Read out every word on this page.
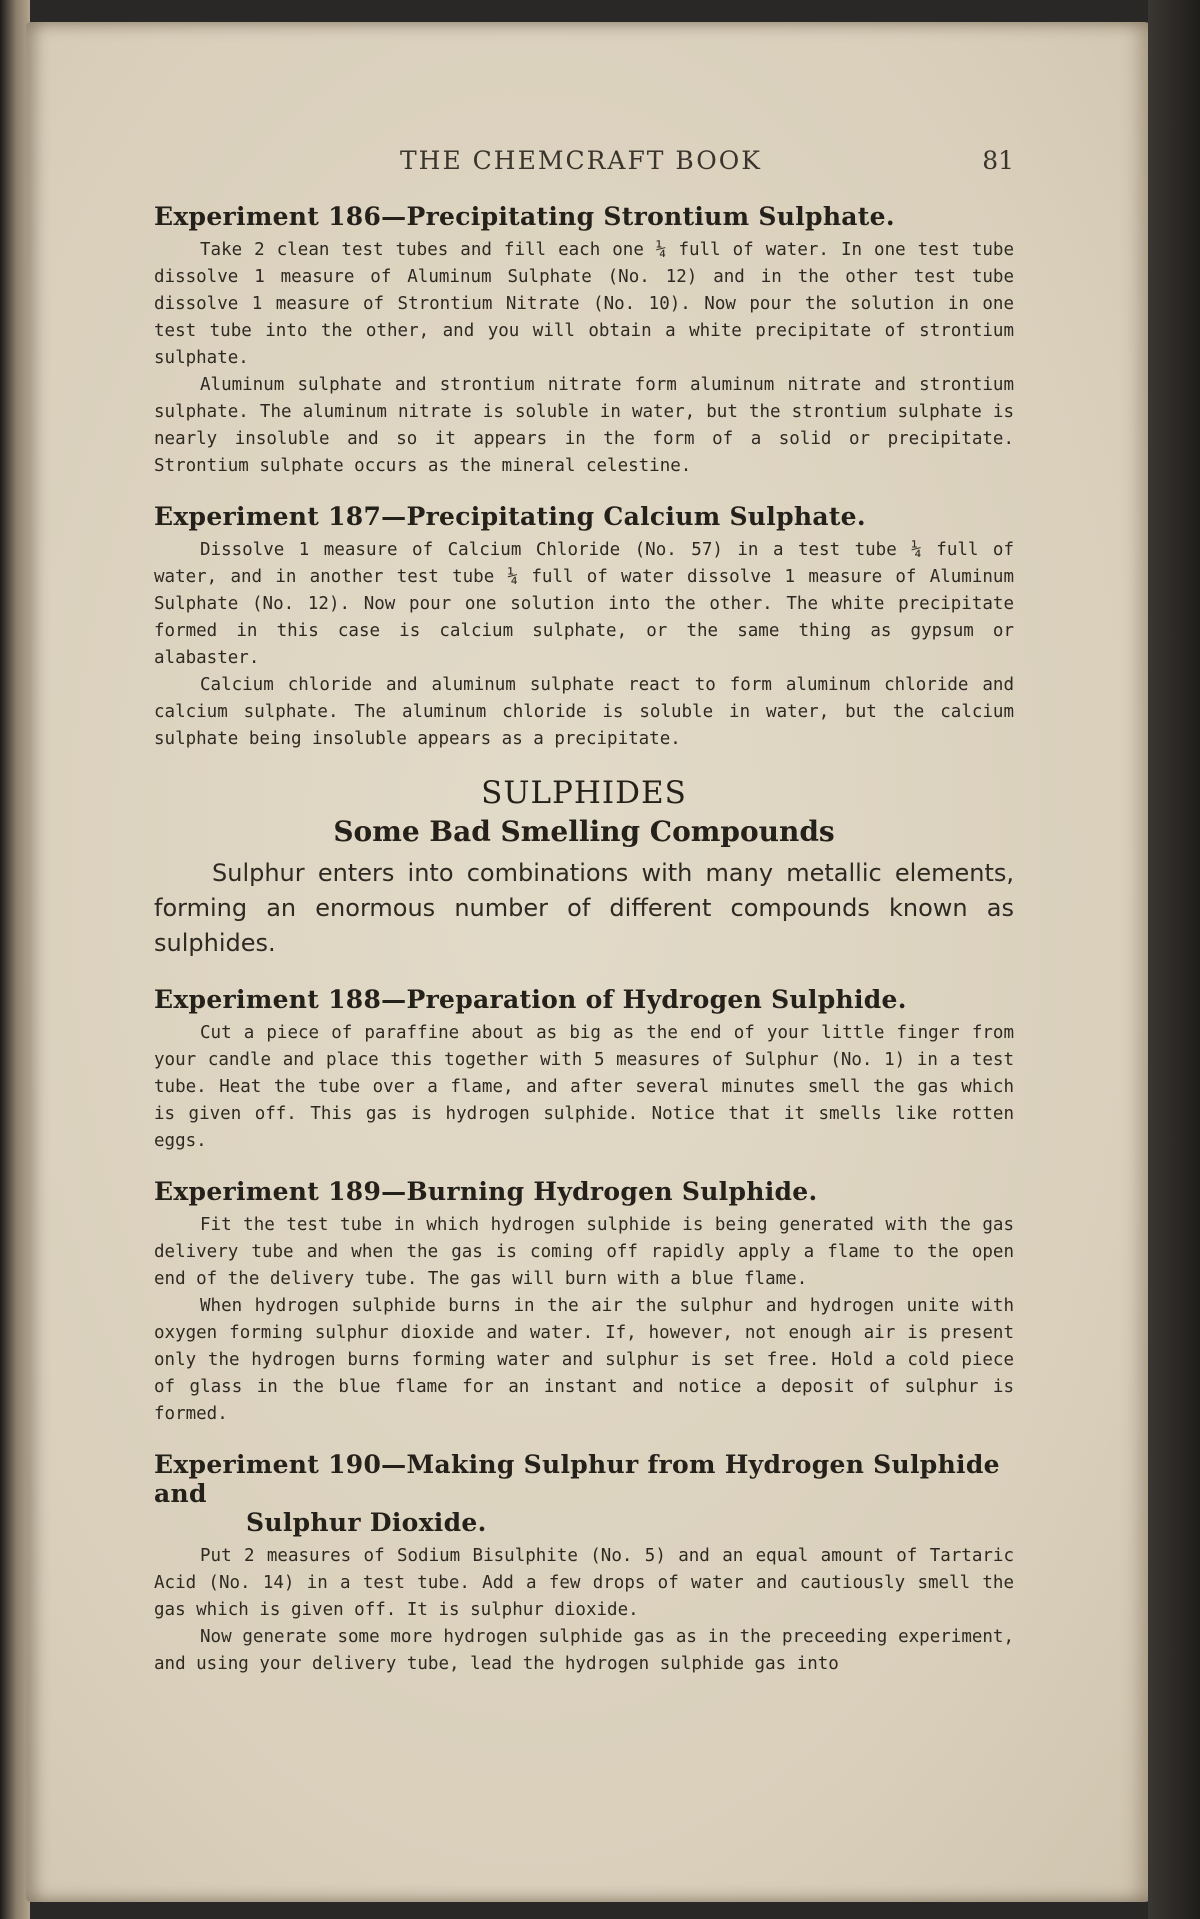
THE CHEMCRAFT BOOK	81
Experiment 186—Precipitating Strontium Sulphate.

Take 2 clean test tubes and fill each one ¼ full of water. In one test tube dissolve 1 measure of Aluminum Sulphate (No. 12) and in the other test tube dissolve 1 measure of Strontium Nitrate (No. 10). Now pour the solution in one test tube into the other, and you will obtain a white precipitate of strontium sulphate.

Aluminum sulphate and strontium nitrate form aluminum nitrate and strontium sulphate. The aluminum nitrate is soluble in water, but the strontium sulphate is nearly insoluble and so it appears in the form of a solid or precipitate. Strontium sulphate occurs as the mineral celestine.

Experiment 187—Precipitating Calcium Sulphate.

Dissolve 1 measure of Calcium Chloride (No. 57) in a test tube ¼ full of water, and in another test tube ¼ full of water dissolve 1 measure of Aluminum Sulphate (No. 12). Now pour one solution into the other. The white precipitate formed in this case is calcium sulphate, or the same thing as gypsum or alabaster.

Calcium chloride and aluminum sulphate react to form aluminum chloride and calcium sulphate. The aluminum chloride is soluble in water, but the calcium sulphate being insoluble appears as a precipitate.

SULPHIDES
Some Bad Smelling Compounds

Sulphur enters into combinations with many metallic elements, forming an enormous number of different compounds known as sulphides.

Experiment 188—Preparation of Hydrogen Sulphide.

Cut a piece of paraffine about as big as the end of your little finger from your candle and place this together with 5 measures of Sulphur (No. 1) in a test tube. Heat the tube over a flame, and after several minutes smell the gas which is given off. This gas is hydrogen sulphide. Notice that it smells like rotten eggs.

Experiment 189—Burning Hydrogen Sulphide.

Fit the test tube in which hydrogen sulphide is being generated with the gas delivery tube and when the gas is coming off rapidly apply a flame to the open end of the delivery tube. The gas will burn with a blue flame.

When hydrogen sulphide burns in the air the sulphur and hydrogen unite with oxygen forming sulphur dioxide and water. If, however, not enough air is present only the hydrogen burns forming water and sulphur is set free. Hold a cold piece of glass in the blue flame for an instant and notice a deposit of sulphur is formed.

Experiment 190—Making Sulphur from Hydrogen Sulphide and
Sulphur Dioxide.

Put 2 measures of Sodium Bisulphite (No. 5) and an equal amount of Tartaric Acid (No. 14) in a test tube. Add a few drops of water and cautiously smell the gas which is given off. It is sulphur dioxide.

Now generate some more hydrogen sulphide gas as in the preceeding experiment, and using your delivery tube, lead the hydrogen sulphide gas into
